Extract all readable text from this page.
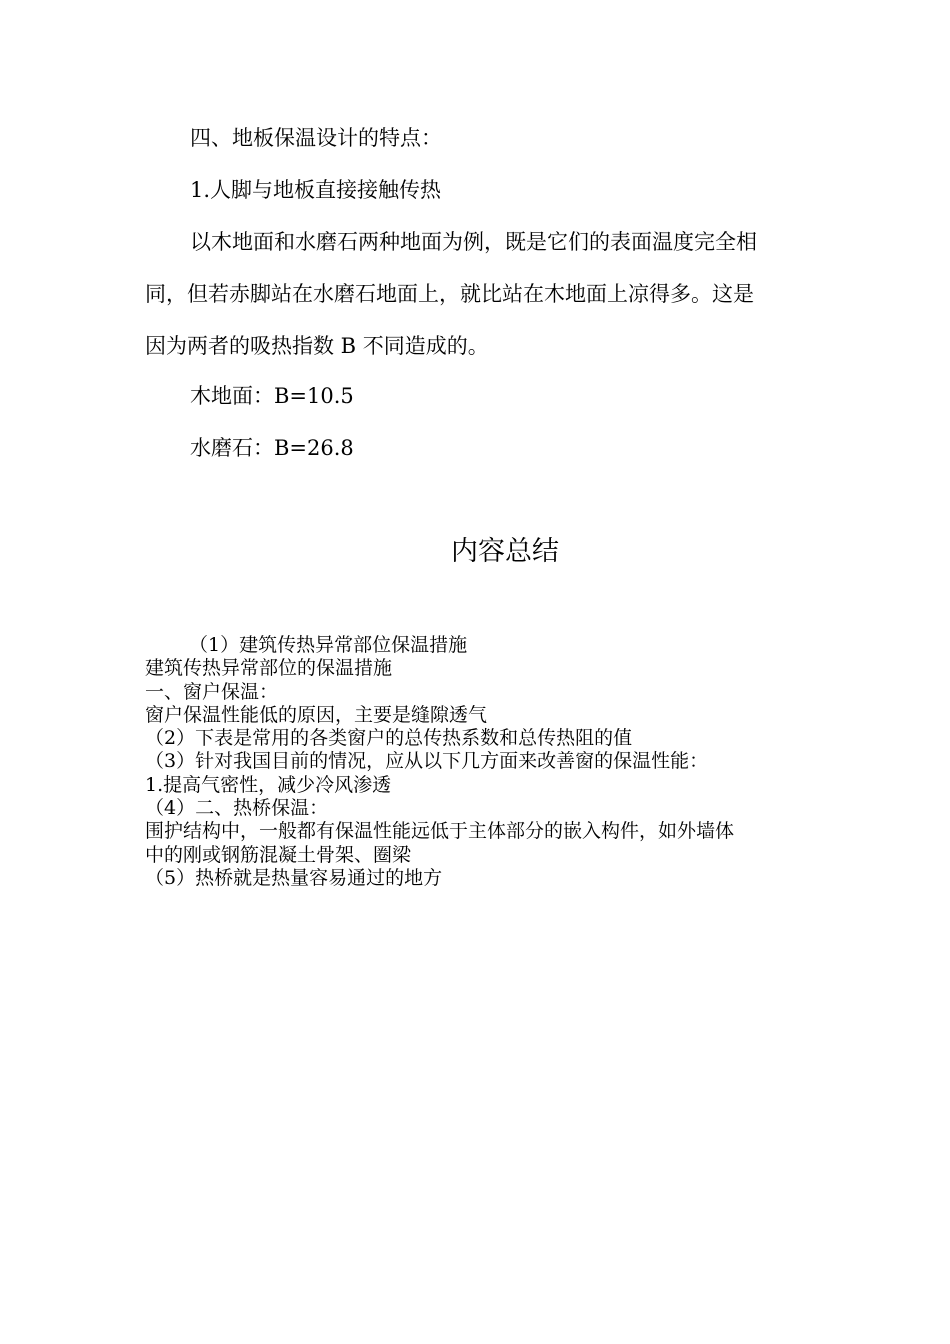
四、地板保温设计的特点：
1.人脚与地板直接接触传热
以木地面和水磨石两种地面为例，既是它们的表面温度完全相
同，但若赤脚站在水磨石地面上，就比站在木地面上凉得多。这是
因为两者的吸热指数 B 不同造成的。
木地面：B=10.5
水磨石：B=26.8
内容总结
（1）建筑传热异常部位保温措施
建筑传热异常部位的保温措施
一、窗户保温：
窗户保温性能低的原因，主要是缝隙透气
（2）下表是常用的各类窗户的总传热系数和总传热阻的值
（3）针对我国目前的情况，应从以下几方面来改善窗的保温性能：
1.提高气密性，减少冷风渗透
（4）二、热桥保温：
围护结构中，一般都有保温性能远低于主体部分的嵌入构件，如外墙体
中的刚或钢筋混凝土骨架、圈梁
（5）热桥就是热量容易通过的地方
